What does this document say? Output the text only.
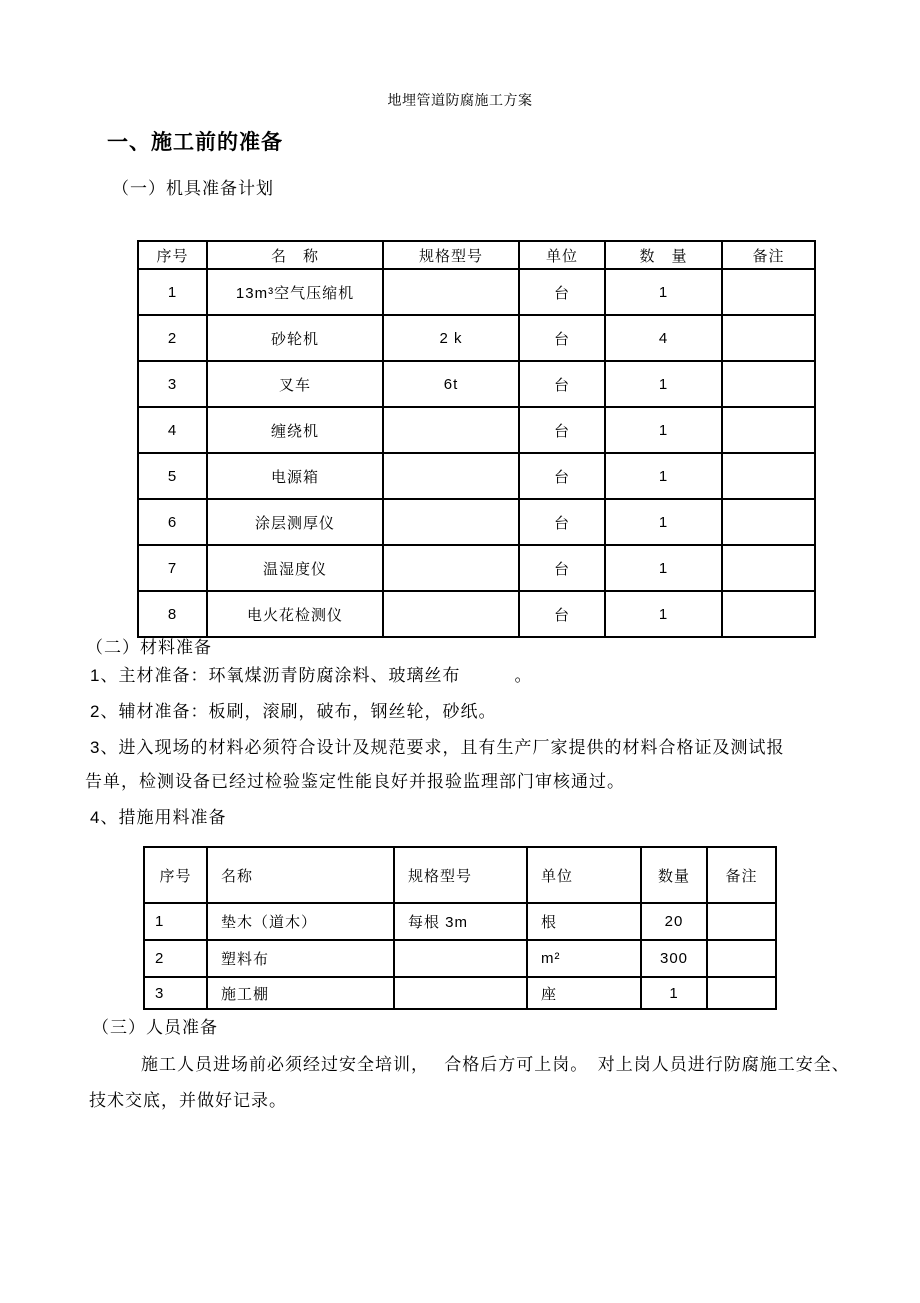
地埋管道防腐施工方案
一、施工前的准备
（一）机具准备计划
序号	名　称	规格型号	单位	数　量	备注
1	13m³空气压缩机		台	1	
2	砂轮机	2 k	台	4	
3	叉车	6t	台	1	
4	缠绕机		台	1	
5	电源箱		台	1	
6	涂层测厚仪		台	1	
7	温湿度仪		台	1	
8	电火花检测仪		台	1	
（二）材料准备
1、主材准备：环氧煤沥青防腐涂料、玻璃丝布　　　。
2、辅材准备：板刷，滚刷，破布，钢丝轮，砂纸。
3、进入现场的材料必须符合设计及规范要求，且有生产厂家提供的材料合格证及测试报
告单，检测设备已经过检验鉴定性能良好并报验监理部门审核通过。
4、措施用料准备
序号	名称	规格型号	单位	数量	备注
1	垫木（道木）	每根 3m	根	20	
2	塑料布		m²	300	
3	施工棚		座	1	
（三）人员准备
施工人员进场前必须经过安全培训，　 合格后方可上岗。　对上岗人员进行防腐施工安全、
技术交底，并做好记录。
